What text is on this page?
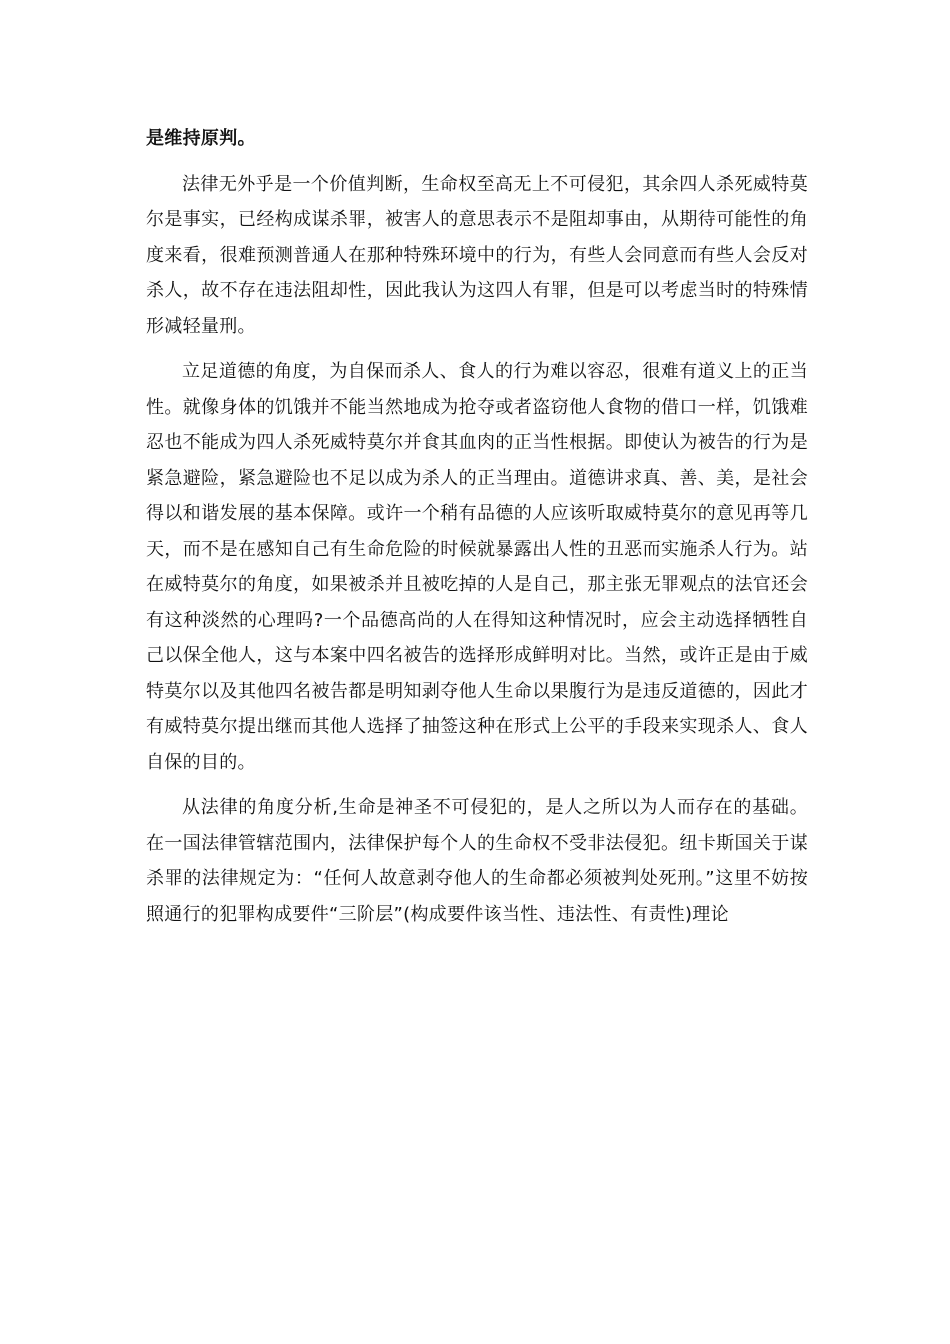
是维持原判。

法律无外乎是一个价值判断，生命权至高无上不可侵犯，其余四人杀死威特莫尔是事实，已经构成谋杀罪，被害人的意思表示不是阻却事由，从期待可能性的角度来看，很难预测普通人在那种特殊环境中的行为，有些人会同意而有些人会反对杀人，故不存在违法阻却性，因此我认为这四人有罪，但是可以考虑当时的特殊情形减轻量刑。

立足道德的角度，为自保而杀人、食人的行为难以容忍，很难有道义上的正当性。就像身体的饥饿并不能当然地成为抢夺或者盗窃他人食物的借口一样，饥饿难忍也不能成为四人杀死威特莫尔并食其血肉的正当性根据。即使认为被告的行为是紧急避险，紧急避险也不足以成为杀人的正当理由。道德讲求真、善、美，是社会得以和谐发展的基本保障。或许一个稍有品德的人应该听取威特莫尔的意见再等几天，而不是在感知自己有生命危险的时候就暴露出人性的丑恶而实施杀人行为。站在威特莫尔的角度，如果被杀并且被吃掉的人是自己，那主张无罪观点的法官还会有这种淡然的心理吗?一个品德高尚的人在得知这种情况时，应会主动选择牺牲自己以保全他人，这与本案中四名被告的选择形成鲜明对比。当然，或许正是由于威特莫尔以及其他四名被告都是明知剥夺他人生命以果腹行为是违反道德的，因此才有威特莫尔提出继而其他人选择了抽签这种在形式上公平的手段来实现杀人、食人自保的目的。

从法律的角度分析,生命是神圣不可侵犯的，是人之所以为人而存在的基础。在一国法律管辖范围内，法律保护每个人的生命权不受非法侵犯。纽卡斯国关于谋杀罪的法律规定为：“任何人故意剥夺他人的生命都必须被判处死刑。”这里不妨按照通行的犯罪构成要件“三阶层”(构成要件该当性、违法性、有责性)理论
